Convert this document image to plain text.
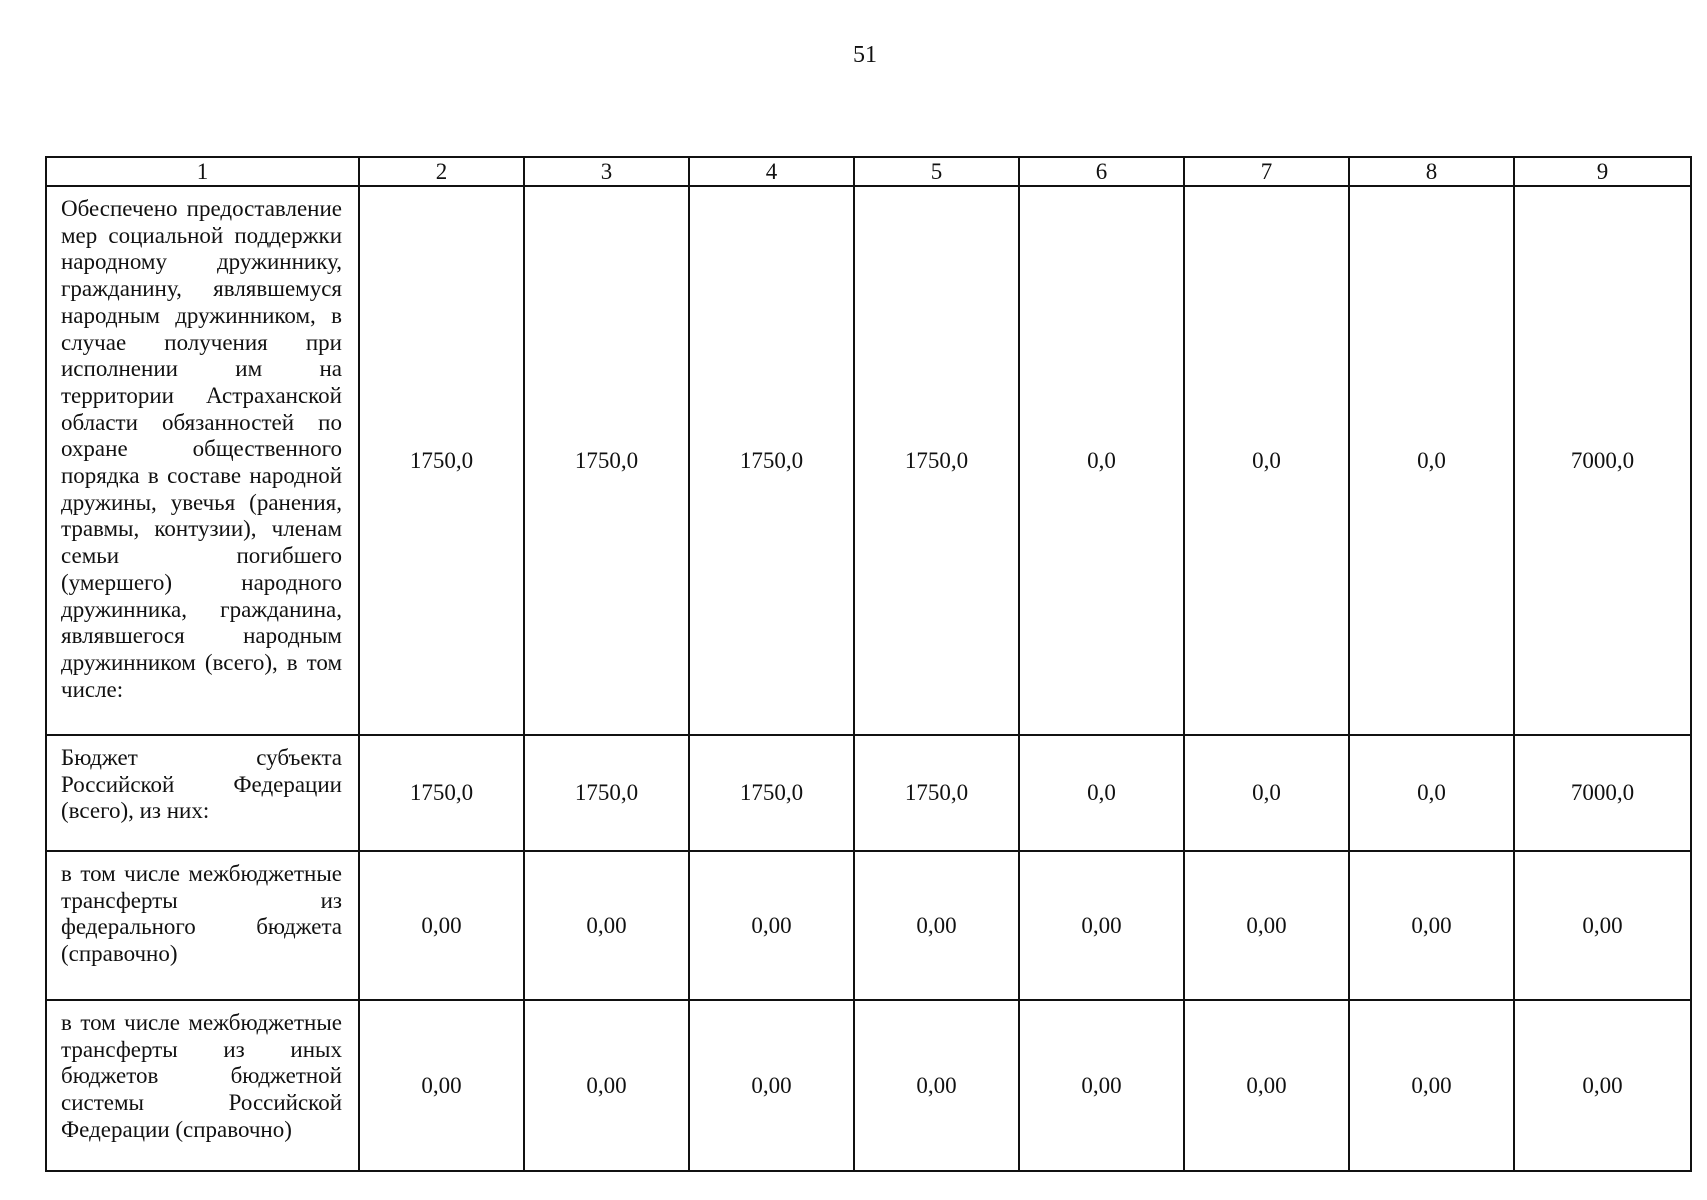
51
1	2	3	4	5	6	7	8	9
Обеспечено предоставление мер социальной поддержки народному дружиннику, гражданину, являвшемуся народным дружинником, в случае получения при исполнении им на территории Астраханской области обязанностей по охране общественного порядка в составе народной дружины, увечья (ранения, травмы, контузии), членам семьи погибшего (умершего) народного дружинника, гражданина, являвшегося народным дружинником (всего), в том числе:	1750,0	1750,0	1750,0	1750,0	0,0	0,0	0,0	7000,0
Бюджет субъекта Российской Федерации (всего), из них:	1750,0	1750,0	1750,0	1750,0	0,0	0,0	0,0	7000,0
в том числе межбюджетные трансферты из федерального бюджета (справочно)	0,00	0,00	0,00	0,00	0,00	0,00	0,00	0,00
в том числе межбюджетные трансферты из иных бюджетов бюджетной системы Российской Федерации (справочно)	0,00	0,00	0,00	0,00	0,00	0,00	0,00	0,00
